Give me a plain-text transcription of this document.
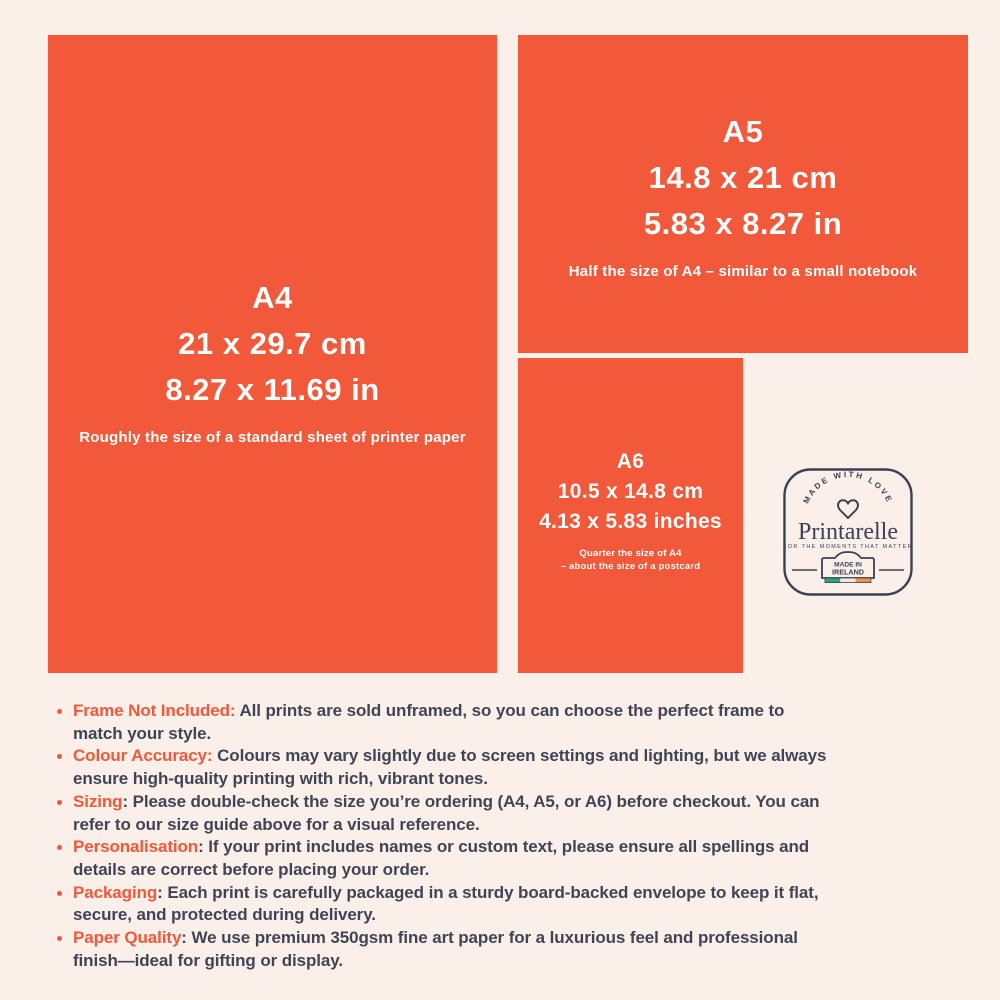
A4
21 x 29.7 cm
8.27 x 11.69 in
Roughly the size of a standard sheet of printer paper
A5
14.8 x 21 cm
5.83 x 8.27 in
Half the size of A4 – similar to a small notebook
A6
10.5 x 14.8 cm
4.13 x 5.83 inches
Quarter the size of A4
– about the size of a postcard
MADE WITH LOVE
Printarelle
FOR THE MOMENTS THAT MATTER
MADE IN
IRELAND
Frame Not Included: All prints are sold unframed, so you can choose the perfect frame to match your style.
Colour Accuracy: Colours may vary slightly due to screen settings and lighting, but we always ensure high-quality printing with rich, vibrant tones.
Sizing: Please double-check the size you’re ordering (A4, A5, or A6) before checkout. You can refer to our size guide above for a visual reference.
Personalisation: If your print includes names or custom text, please ensure all spellings and details are correct before placing your order.
Packaging: Each print is carefully packaged in a sturdy board-backed envelope to keep it flat, secure, and protected during delivery.
Paper Quality: We use premium 350gsm fine art paper for a luxurious feel and professional finish—ideal for gifting or display.
